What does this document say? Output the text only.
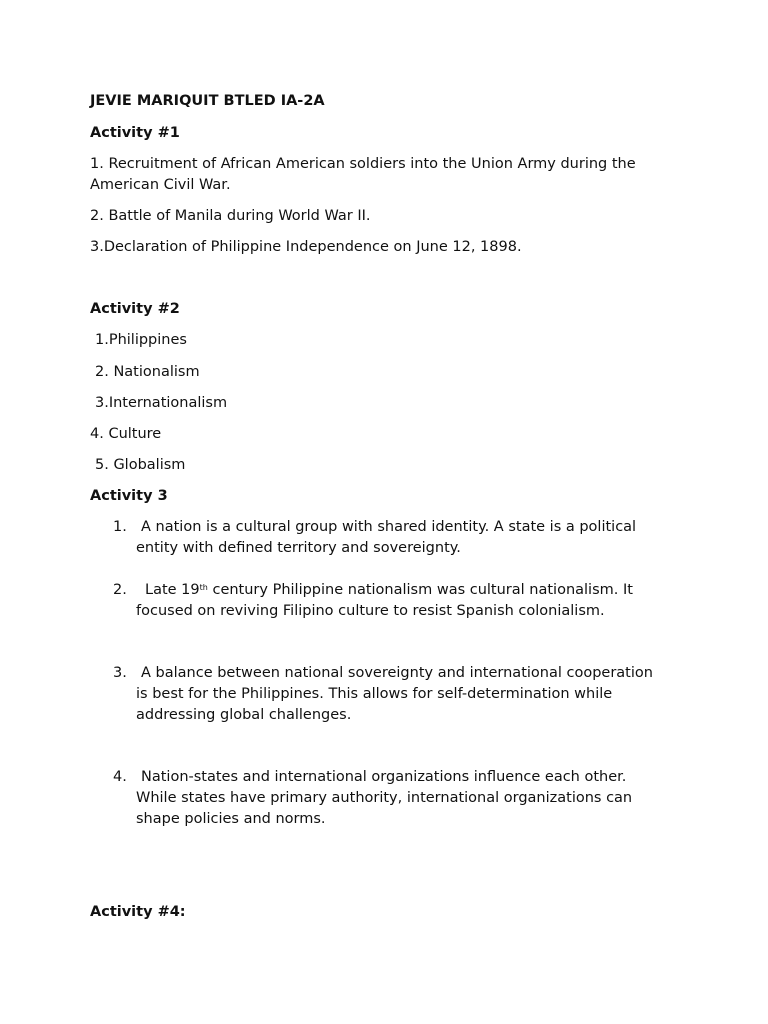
JEVIE MARIQUIT BTLED IA-2A
Activity #1
1. Recruitment of African American soldiers into the Union Army during the
American Civil War.
2. Battle of Manila during World War II.
3.Declaration of Philippine Independence on June 12, 1898.
Activity #2
1.Philippines
2. Nationalism
3.Internationalism
4. Culture
5. Globalism
Activity 3
1. A nation is a cultural group with shared identity. A state is a political
entity with defined territory and sovereignty.
2. Late 19th century Philippine nationalism was cultural nationalism. It
focused on reviving Filipino culture to resist Spanish colonialism.
3. A balance between national sovereignty and international cooperation
is best for the Philippines. This allows for self-determination while
addressing global challenges.
4. Nation-states and international organizations influence each other.
While states have primary authority, international organizations can
shape policies and norms.
Activity #4:
